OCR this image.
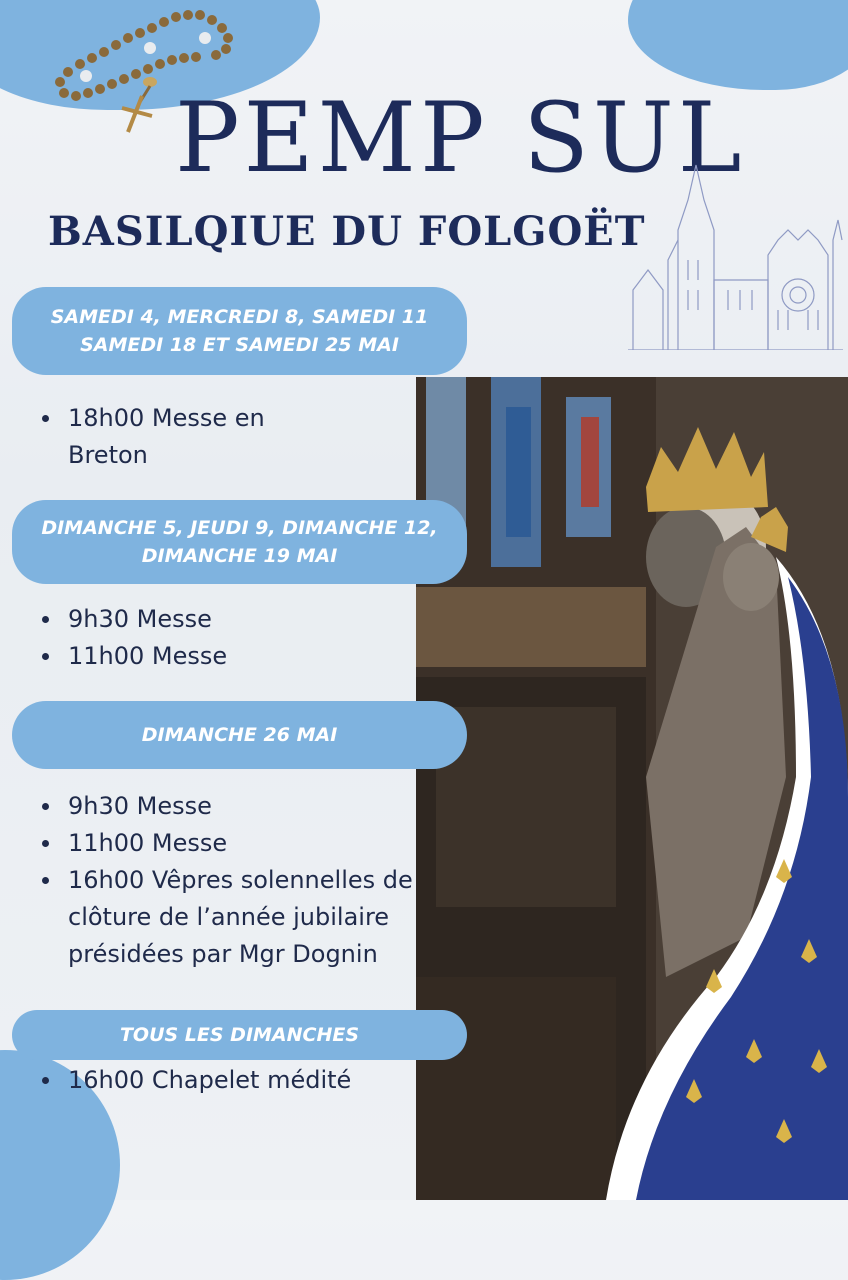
PEMP SUL
BASILQIUE DU FOLGOËT
SAMEDI 4, MERCREDI 8, SAMEDI 11
SAMEDI 18 ET SAMEDI 25 MAI
18h00 Messe en Breton
DIMANCHE 5, JEUDI 9, DIMANCHE 12,
DIMANCHE 19 MAI
9h30 Messe
11h00 Messe
DIMANCHE 26 MAI
9h30 Messe
11h00 Messe
16h00 Vêpres solennelles de clôture de l’année jubilaire présidées par Mgr Dognin
TOUS LES DIMANCHES
16h00 Chapelet médité
